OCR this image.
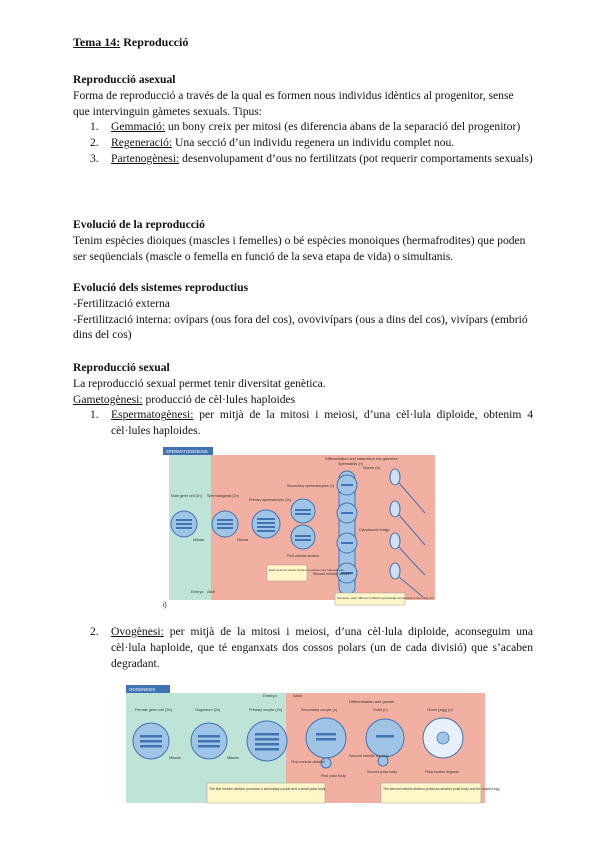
Tema 14: Reproducció
Reproducció asexual
Forma de reproducció a través de la qual es formen nous individus idèntics al progenitor, sense que intervinguin gàmetes sexuals. Tipus:
1. Gemmació: un bony creix per mitosi (es diferencia abans de la separació del progenitor)
2. Regeneració: Una secció d’un individu regenera un individu complet nou.
3. Partenogènesi: desenvolupament d’ous no fertilitzats (pot requerir comportaments sexuals)
Evolució de la reproducció
Tenim espècies dioiques (mascles i femelles) o bé espècies monoiques (hermafrodites) que poden ser seqüencials (mascle o femella en funció de la seva etapa de vida) o simultanis.
Evolució dels sistemes reproductius
-Fertilització externa
-Fertilització interna: ovípars (ous fora del cos), ovovivípars (ous a dins del cos), vivípars (embrió dins del cos)
Reproducció sexual
La reproducció sexual permet tenir diversitat genètica.
Gametogènesi: producció de cèl·lules haploides
1. Espermatogènesi: per mitjà de la mitosi i meiosi, d’una cèl·lula diploide, obtenim 4 cèl·lules haploides.
SPERMATOGENESIS
Differentiation and maturation into gametes
Spermatids (n)
Sperm (n)
Male germ cell (2n) Spermatogonia (2n)
Primary spermatocyte (2n)
Secondary spermatocytes (n)
Mitosis	Mitosis
First meiotic division
Cytoplasmic bridge
Second meiotic division
Each second meiotic division produces two haploid cells
Gametes, each different sufficient genetically all identical to the initial cell
Embryo Adult
i)
2. Ovogènesi: per mitjà de la mitosi i meiosi, d’una cèl·lula diploide, aconseguim una cèl·lula haploide, que té enganxats dos cossos polars (un de cada divisió) que s’acaben degradant.
OOGENESIS
Embryo	Adult
Differentiation and growth
Female germ cell (2n)	Oogonium (2n)	Primary oocyte (2n)	Secondary oocyte (n)	Ootid (n)	Ovum (egg) (n)
Mitosis	Mitosis
First meiotic division
First polar body
Second meiotic division
Second polar body	Polar bodies degrade
The first meiotic division produces a secondary oocyte and a small polar body	The second meiotic division produces another polar body and the haploid egg
